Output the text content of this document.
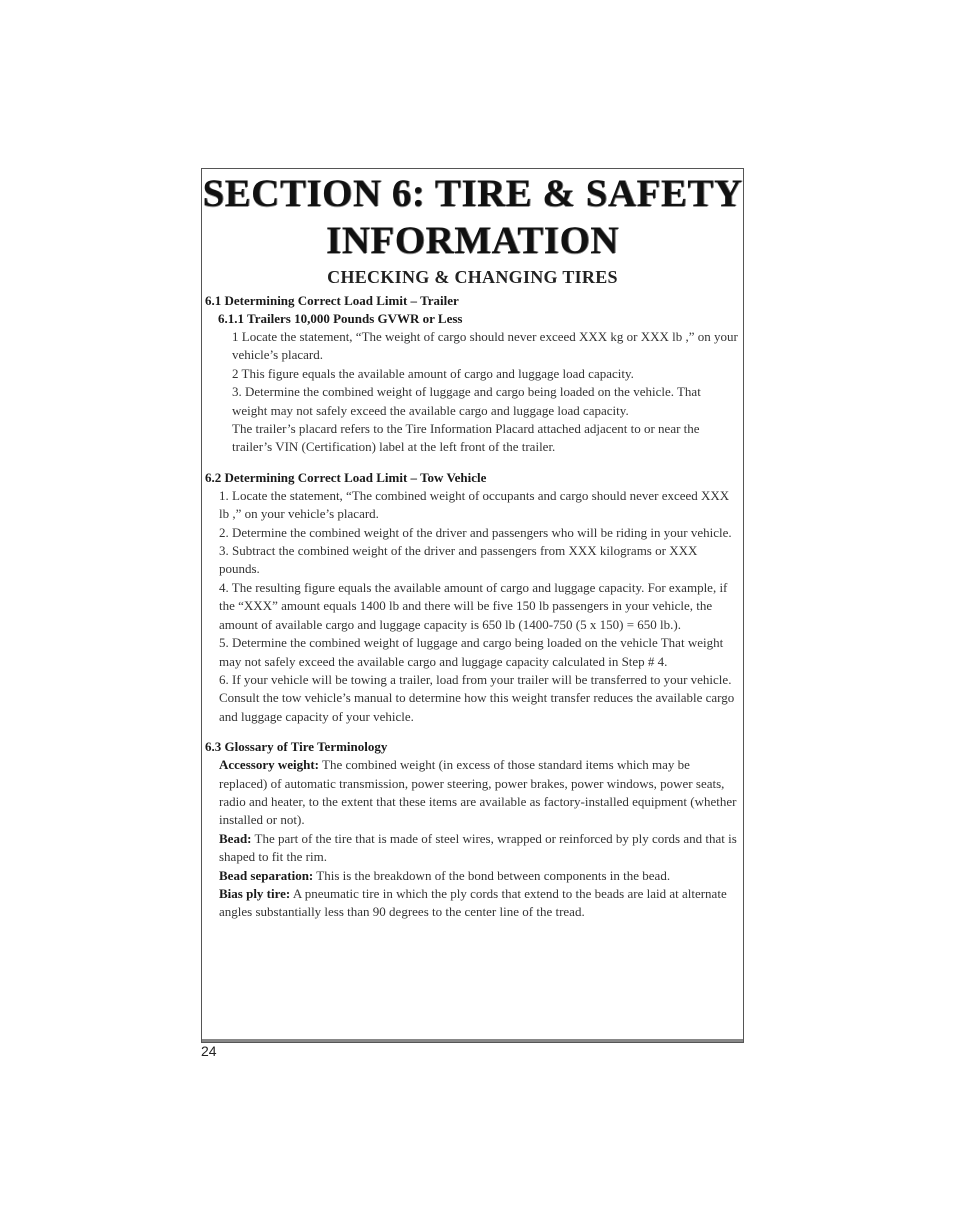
SECTION 6: TIRE & SAFETY
INFORMATION
CHECKING & CHANGING TIRES

6.1 Determining Correct Load Limit – Trailer

6.1.1 Trailers 10,000 Pounds GVWR or Less

1 Locate the statement, “The weight of cargo should never exceed XXX kg or XXX lb ,” on your vehicle’s placard.

2 This figure equals the available amount of cargo and luggage load capacity.

3. Determine the combined weight of luggage and cargo being loaded on the vehicle. That weight may not safely exceed the available cargo and luggage load capacity.

The trailer’s placard refers to the Tire Information Placard attached adjacent to or near the trailer’s VIN (Certification) label at the left front of the trailer.

6.2 Determining Correct Load Limit – Tow Vehicle

1. Locate the statement, “The combined weight of occupants and cargo should never exceed XXX lb ,” on your vehicle’s placard.

2. Determine the combined weight of the driver and passengers who will be riding in your vehicle.

3. Subtract the combined weight of the driver and passengers from XXX kilograms or XXX pounds.

4. The resulting figure equals the available amount of cargo and luggage capacity. For example, if the “XXX” amount equals 1400 lb and there will be five 150 lb passengers in your vehicle, the amount of available cargo and luggage capacity is 650 lb (1400-750 (5 x 150) = 650 lb.).

5. Determine the combined weight of luggage and cargo being loaded on the vehicle That weight may not safely exceed the available cargo and luggage capacity calculated in Step # 4.

6. If your vehicle will be towing a trailer, load from your trailer will be transferred to your vehicle. Consult the tow vehicle’s manual to determine how this weight transfer reduces the available cargo and luggage capacity of your vehicle.

6.3 Glossary of Tire Terminology

Accessory weight: The combined weight (in excess of those standard items which may be replaced) of automatic transmission, power steering, power brakes, power windows, power seats, radio and heater, to the extent that these items are available as factory-installed equipment (whether installed or not).

Bead: The part of the tire that is made of steel wires, wrapped or reinforced by ply cords and that is shaped to fit the rim.

Bead separation: This is the breakdown of the bond between components in the bead.

Bias ply tire: A pneumatic tire in which the ply cords that extend to the beads are laid at alternate angles substantially less than 90 degrees to the center line of the tread.

24
